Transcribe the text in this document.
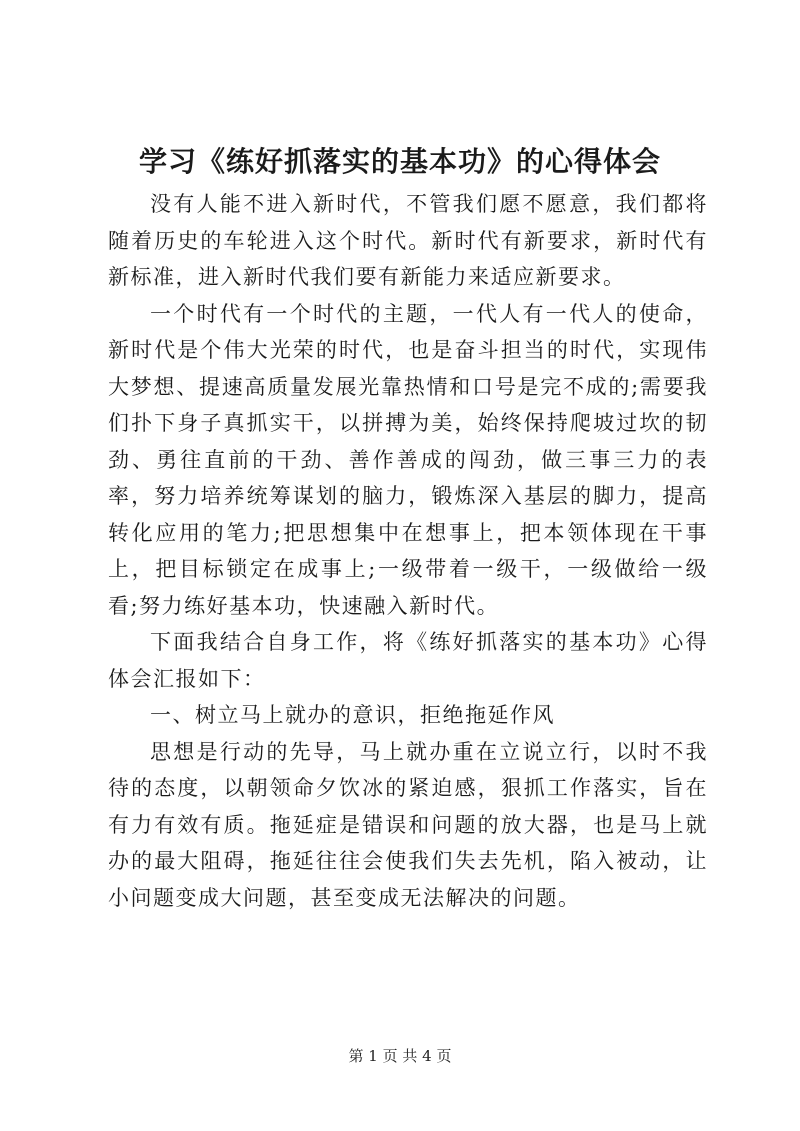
学习《练好抓落实的基本功》的心得体会

没有人能不进入新时代，不管我们愿不愿意，我们都将随着历史的车轮进入这个时代。新时代有新要求，新时代有新标准，进入新时代我们要有新能力来适应新要求。

一个时代有一个时代的主题，一代人有一代人的使命，新时代是个伟大光荣的时代，也是奋斗担当的时代，实现伟大梦想、提速高质量发展光靠热情和口号是完不成的;需要我们扑下身子真抓实干，以拼搏为美，始终保持爬坡过坎的韧劲、勇往直前的干劲、善作善成的闯劲，做三事三力的表率，努力培养统筹谋划的脑力，锻炼深入基层的脚力，提高转化应用的笔力;把思想集中在想事上，把本领体现在干事上，把目标锁定在成事上;一级带着一级干，一级做给一级看;努力练好基本功，快速融入新时代。

下面我结合自身工作，将《练好抓落实的基本功》心得体会汇报如下：

一、树立马上就办的意识，拒绝拖延作风

思想是行动的先导，马上就办重在立说立行，以时不我待的态度，以朝领命夕饮冰的紧迫感，狠抓工作落实，旨在有力有效有质。拖延症是错误和问题的放大器，也是马上就办的最大阻碍，拖延往往会使我们失去先机，陷入被动，让小问题变成大问题，甚至变成无法解决的问题。

第 1 页 共 4 页
